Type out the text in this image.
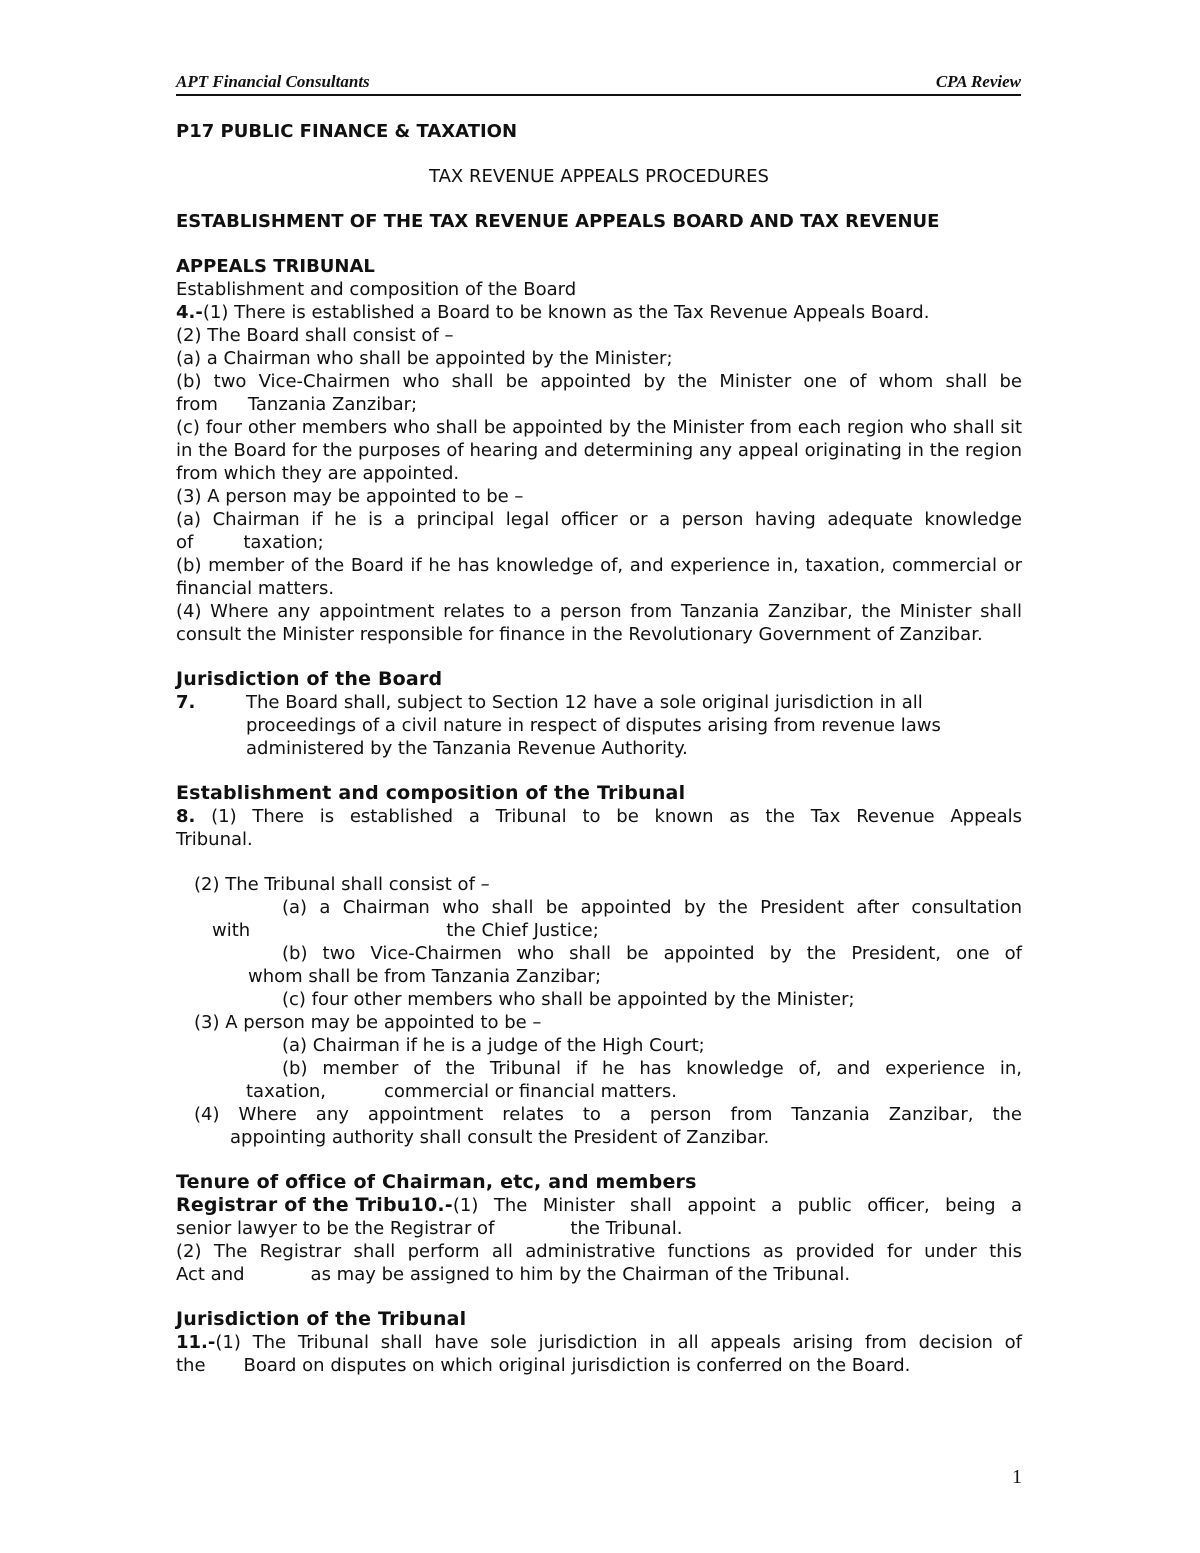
APT Financial Consultants	CPA Review

P17 PUBLIC FINANCE & TAXATION

TAX REVENUE APPEALS PROCEDURES

ESTABLISHMENT OF THE TAX REVENUE APPEALS BOARD AND TAX REVENUE

APPEALS TRIBUNAL

Establishment and composition of the Board

4.-(1) There is established a Board to be known as the Tax Revenue Appeals Board.

(2) The Board shall consist of –

(a) a Chairman who shall be appointed by the Minister;

(b) two Vice-Chairmen who shall be appointed by the Minister one of whom shall be

from Tanzania Zanzibar;

(c) four other members who shall be appointed by the Minister from each region who shall sit in the Board for the purposes of hearing and determining any appeal originating in the region from which they are appointed.

(3) A person may be appointed to be –

(a) Chairman if he is a principal legal officer or a person having adequate knowledge

of	taxation;

(b) member of the Board if he has knowledge of, and experience in, taxation, commercial or financial matters.

(4) Where any appointment relates to a person from Tanzania Zanzibar, the Minister shall consult the Minister responsible for finance in the Revolutionary Government of Zanzibar.

Jurisdiction of the Board

7.	The Board shall, subject to Section 12 have a sole original jurisdiction in all proceedings of a civil nature in respect of disputes arising from revenue laws administered by the Tanzania Revenue Authority.

Establishment and composition of the Tribunal

8. (1) There is established a Tribunal to be known as the Tax Revenue Appeals Tribunal.

(2) The Tribunal shall consist of –

(a) a Chairman who shall be appointed by the President after consultation

with	the Chief Justice;

(b) two Vice-Chairmen who shall be appointed by the President, one of

whom shall be from Tanzania Zanzibar;

(c) four other members who shall be appointed by the Minister;

(3) A person may be appointed to be –

(a) Chairman if he is a judge of the High Court;

(b) member of the Tribunal if he has knowledge of, and experience in,

taxation,	commercial or financial matters.

(4) Where any appointment relates to a person from Tanzania Zanzibar, the

appointing authority shall consult the President of Zanzibar.

Tenure of office of Chairman, etc, and members

Registrar of the Tribu10.- (1) The Minister shall appoint a public officer, being a

senior lawyer to be the Registrar of	the Tribunal.

(2) The Registrar shall perform all administrative functions as provided for under this

Act and	as may be assigned to him by the Chairman of the Tribunal.

Jurisdiction of the Tribunal

11.- (1) The Tribunal shall have sole jurisdiction in all appeals arising from decision of

the Board on disputes on which original jurisdiction is conferred on the Board.

1
